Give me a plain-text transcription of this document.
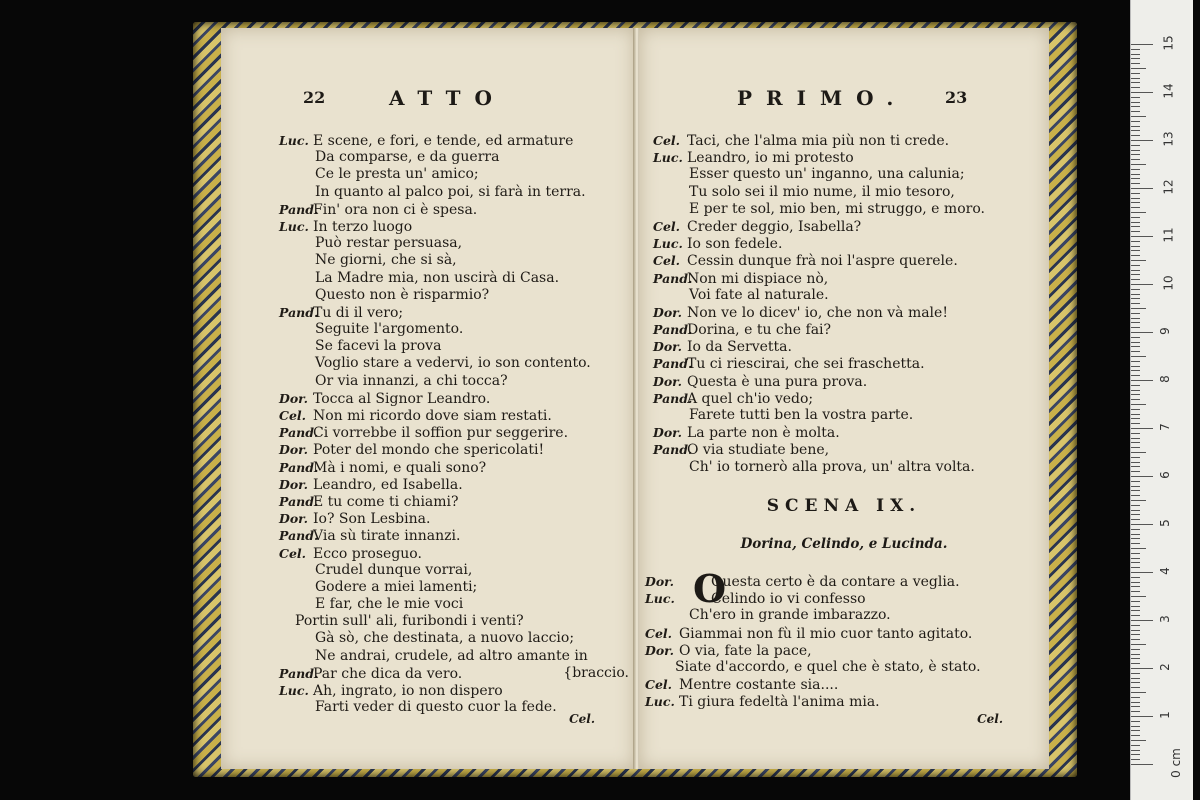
22	ATTO
Luc. E scene, e fori, e tende, ed armature
Da comparse, e da guerra
Ce le presta un' amico;
In quanto al palco poi, si farà in terra.
Pand.Fin' ora non ci è spesa.
Luc. In terzo luogo
Può restar persuasa,
Ne giorni, che si sà,
La Madre mia, non uscirà di Casa.
Questo non è risparmio?
Pand.Tu di il vero;
Seguite l'argomento.
Se facevi la prova
Voglio stare a vedervi, io son contento.
Or via innanzi, a chi tocca?
Dor. Tocca al Signor Leandro.
Cel. Non mi ricordo dove siam restati.
Pand.Ci vorrebbe il soffion pur seggerire.
Dor. Poter del mondo che spericolati!
Pand.Mà i nomi, e quali sono?
Dor. Leandro, ed Isabella.
Pand.E tu come ti chiami?
Dor. Io? Son Lesbina.
Pand.Via sù tirate innanzi.
Cel. Ecco proseguo.
Crudel dunque vorrai,
Godere a miei lamenti;
E far, che le mie voci
Portin sull' ali, furibondi i venti?
Gà sò, che destinata, a nuovo laccio;
Ne andrai, crudele, ad altro amante in
Pand.Par che dica da vero.	{braccio.
Luc. Ah, ingrato, io non dispero
Farti veder di questo cuor la fede.
Cel.
PRIMO. 23
Cel. Taci, che l'alma mia più non ti crede.
Luc. Leandro, io mi protesto
Esser questo un' inganno, una calunia;
Tu solo sei il mio nume, il mio tesoro,
E per te sol, mio ben, mi struggo, e moro.
Cel. Creder deggio, Isabella?
Luc. Io son fedele.
Cel. Cessin dunque frà noi l'aspre querele.
Pand.Non mi dispiace nò,
Voi fate al naturale.
Dor. Non ve lo dicev' io, che non và male!
Pand.Dorina, e tu che fai?
Dor. Io da Servetta.
Pand.Tu ci riescirai, che sei fraschetta.
Dor. Questa è una pura prova.
Pand.A quel ch'io vedo;
Farete tutti ben la vostra parte.
Dor. La parte non è molta.
Pand.O via studiate bene,
Ch' io tornerò alla prova, un' altra volta.
SCENA IX.
Dorina, Celindo, e Lucinda.
O
Dor.	Questa certo è da contare a veglia.
Luc.	Celindo io vi confesso
Ch'ero in grande imbarazzo.
Cel. Giammai non fù il mio cuor tanto agitato.
Dor. O via, fate la pace,
Siate d'accordo, e quel che è stato, è stato.
Cel. Mentre costante sia....
Luc. Ti giura fedeltà l'anima mia.
Cel.
15
14
13
12
11
10
9
8
7
6
5
4
3
2
1
0 cm
